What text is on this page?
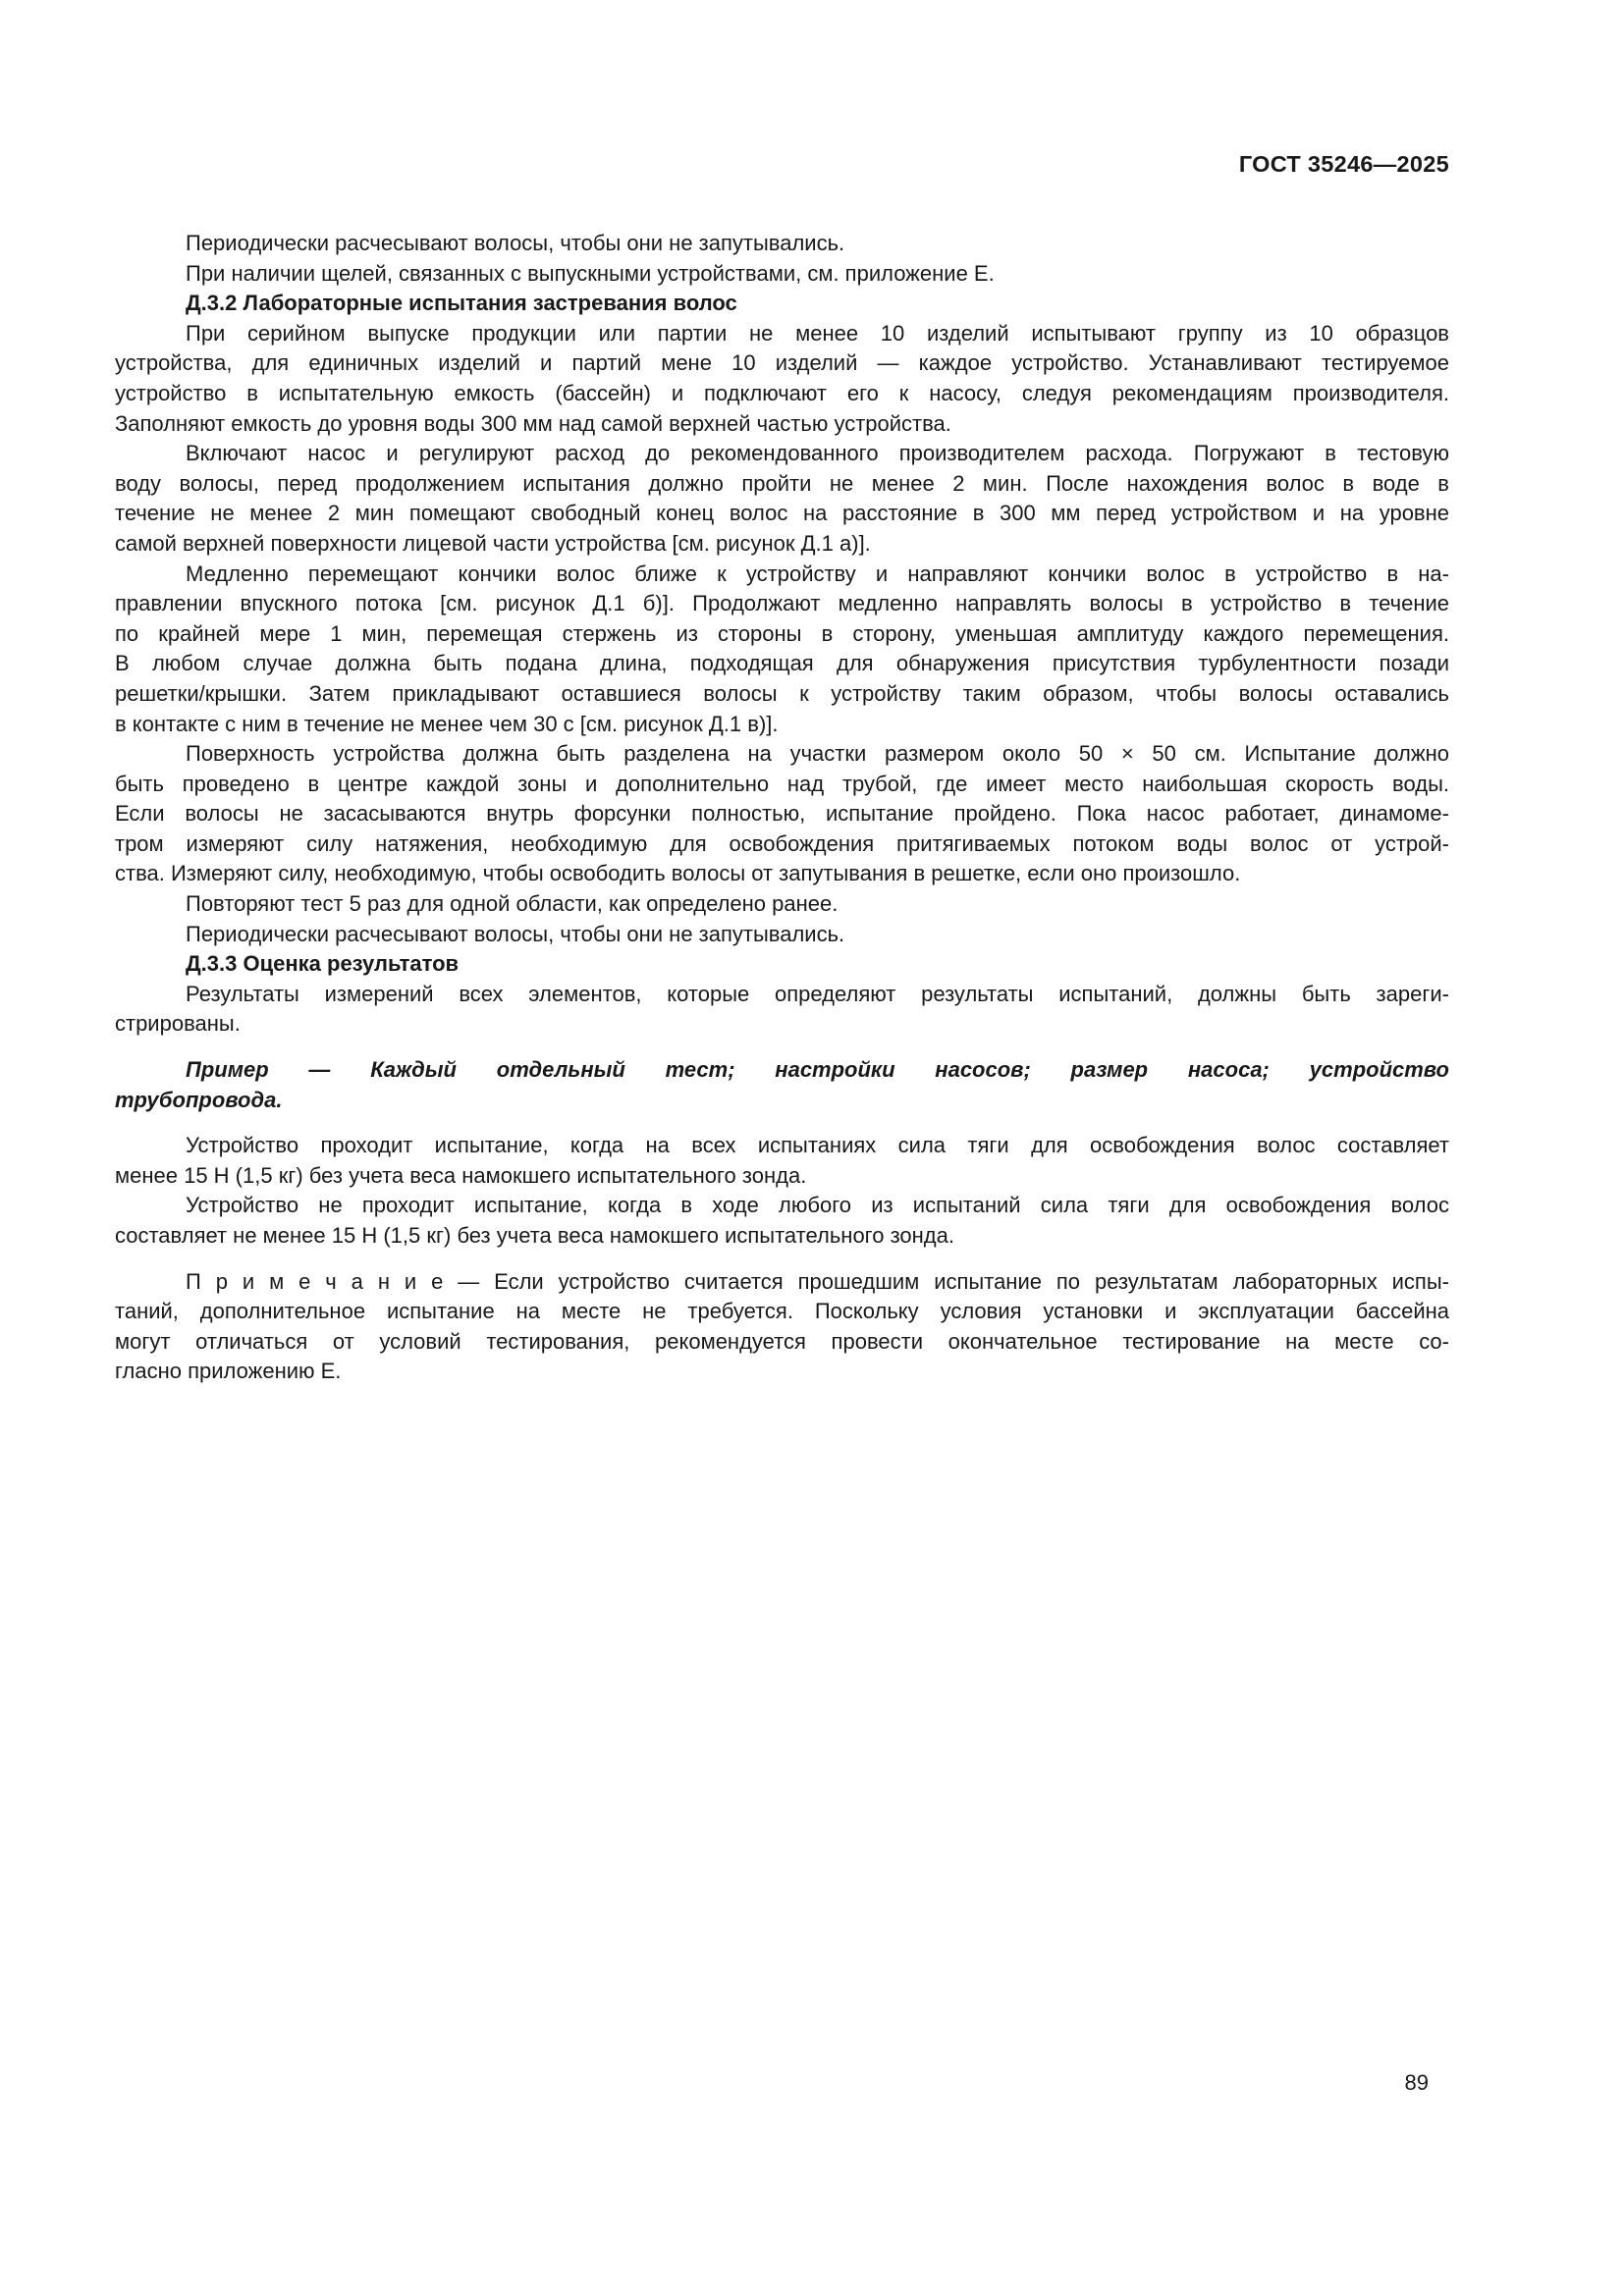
ГОСТ 35246—2025
Периодически расчесывают волосы, чтобы они не запутывались.
При наличии щелей, связанных с выпускными устройствами, см. приложение Е.
Д.3.2 Лабораторные испытания застревания волос
При серийном выпуске продукции или партии не менее 10 изделий испытывают группу из 10 образцов
устройства, для единичных изделий и партий мене 10 изделий — каждое устройство. Устанавливают тестируемое
устройство в испытательную емкость (бассейн) и подключают его к насосу, следуя рекомендациям производителя.
Заполняют емкость до уровня воды 300 мм над самой верхней частью устройства.
Включают насос и регулируют расход до рекомендованного производителем расхода. Погружают в тестовую
воду волосы, перед продолжением испытания должно пройти не менее 2 мин. После нахождения волос в воде в
течение не менее 2 мин помещают свободный конец волос на расстояние в 300 мм перед устройством и на уровне
самой верхней поверхности лицевой части устройства [см. рисунок Д.1 а)].
Медленно перемещают кончики волос ближе к устройству и направляют кончики волос в устройство в на-
правлении впускного потока [см. рисунок Д.1 б)]. Продолжают медленно направлять волосы в устройство в течение
по крайней мере 1 мин, перемещая стержень из стороны в сторону, уменьшая амплитуду каждого перемещения.
В любом случае должна быть подана длина, подходящая для обнаружения присутствия турбулентности позади
решетки/крышки. Затем прикладывают оставшиеся волосы к устройству таким образом, чтобы волосы оставались
в контакте с ним в течение не менее чем 30 с [см. рисунок Д.1 в)].
Поверхность устройства должна быть разделена на участки размером около 50 × 50 см. Испытание должно
быть проведено в центре каждой зоны и дополнительно над трубой, где имеет место наибольшая скорость воды.
Если волосы не засасываются внутрь форсунки полностью, испытание пройдено. Пока насос работает, динамоме-
тром измеряют силу натяжения, необходимую для освобождения притягиваемых потоком воды волос от устрой-
ства. Измеряют силу, необходимую, чтобы освободить волосы от запутывания в решетке, если оно произошло.
Повторяют тест 5 раз для одной области, как определено ранее.
Периодически расчесывают волосы, чтобы они не запутывались.
Д.3.3 Оценка результатов
Результаты измерений всех элементов, которые определяют результаты испытаний, должны быть зареги-
стрированы.
Пример — Каждый отдельный тест; настройки насосов; размер насоса; устройство
трубопровода.
Устройство проходит испытание, когда на всех испытаниях сила тяги для освобождения волос составляет
менее 15 Н (1,5 кг) без учета веса намокшего испытательного зонда.
Устройство не проходит испытание, когда в ходе любого из испытаний сила тяги для освобождения волос
составляет не менее 15 Н (1,5 кг) без учета веса намокшего испытательного зонда.
П р и м е ч а н и е — Если устройство считается прошедшим испытание по результатам лабораторных испы-
таний, дополнительное испытание на месте не требуется. Поскольку условия установки и эксплуатации бассейна
могут отличаться от условий тестирования, рекомендуется провести окончательное тестирование на месте со-
гласно приложению Е.
89
